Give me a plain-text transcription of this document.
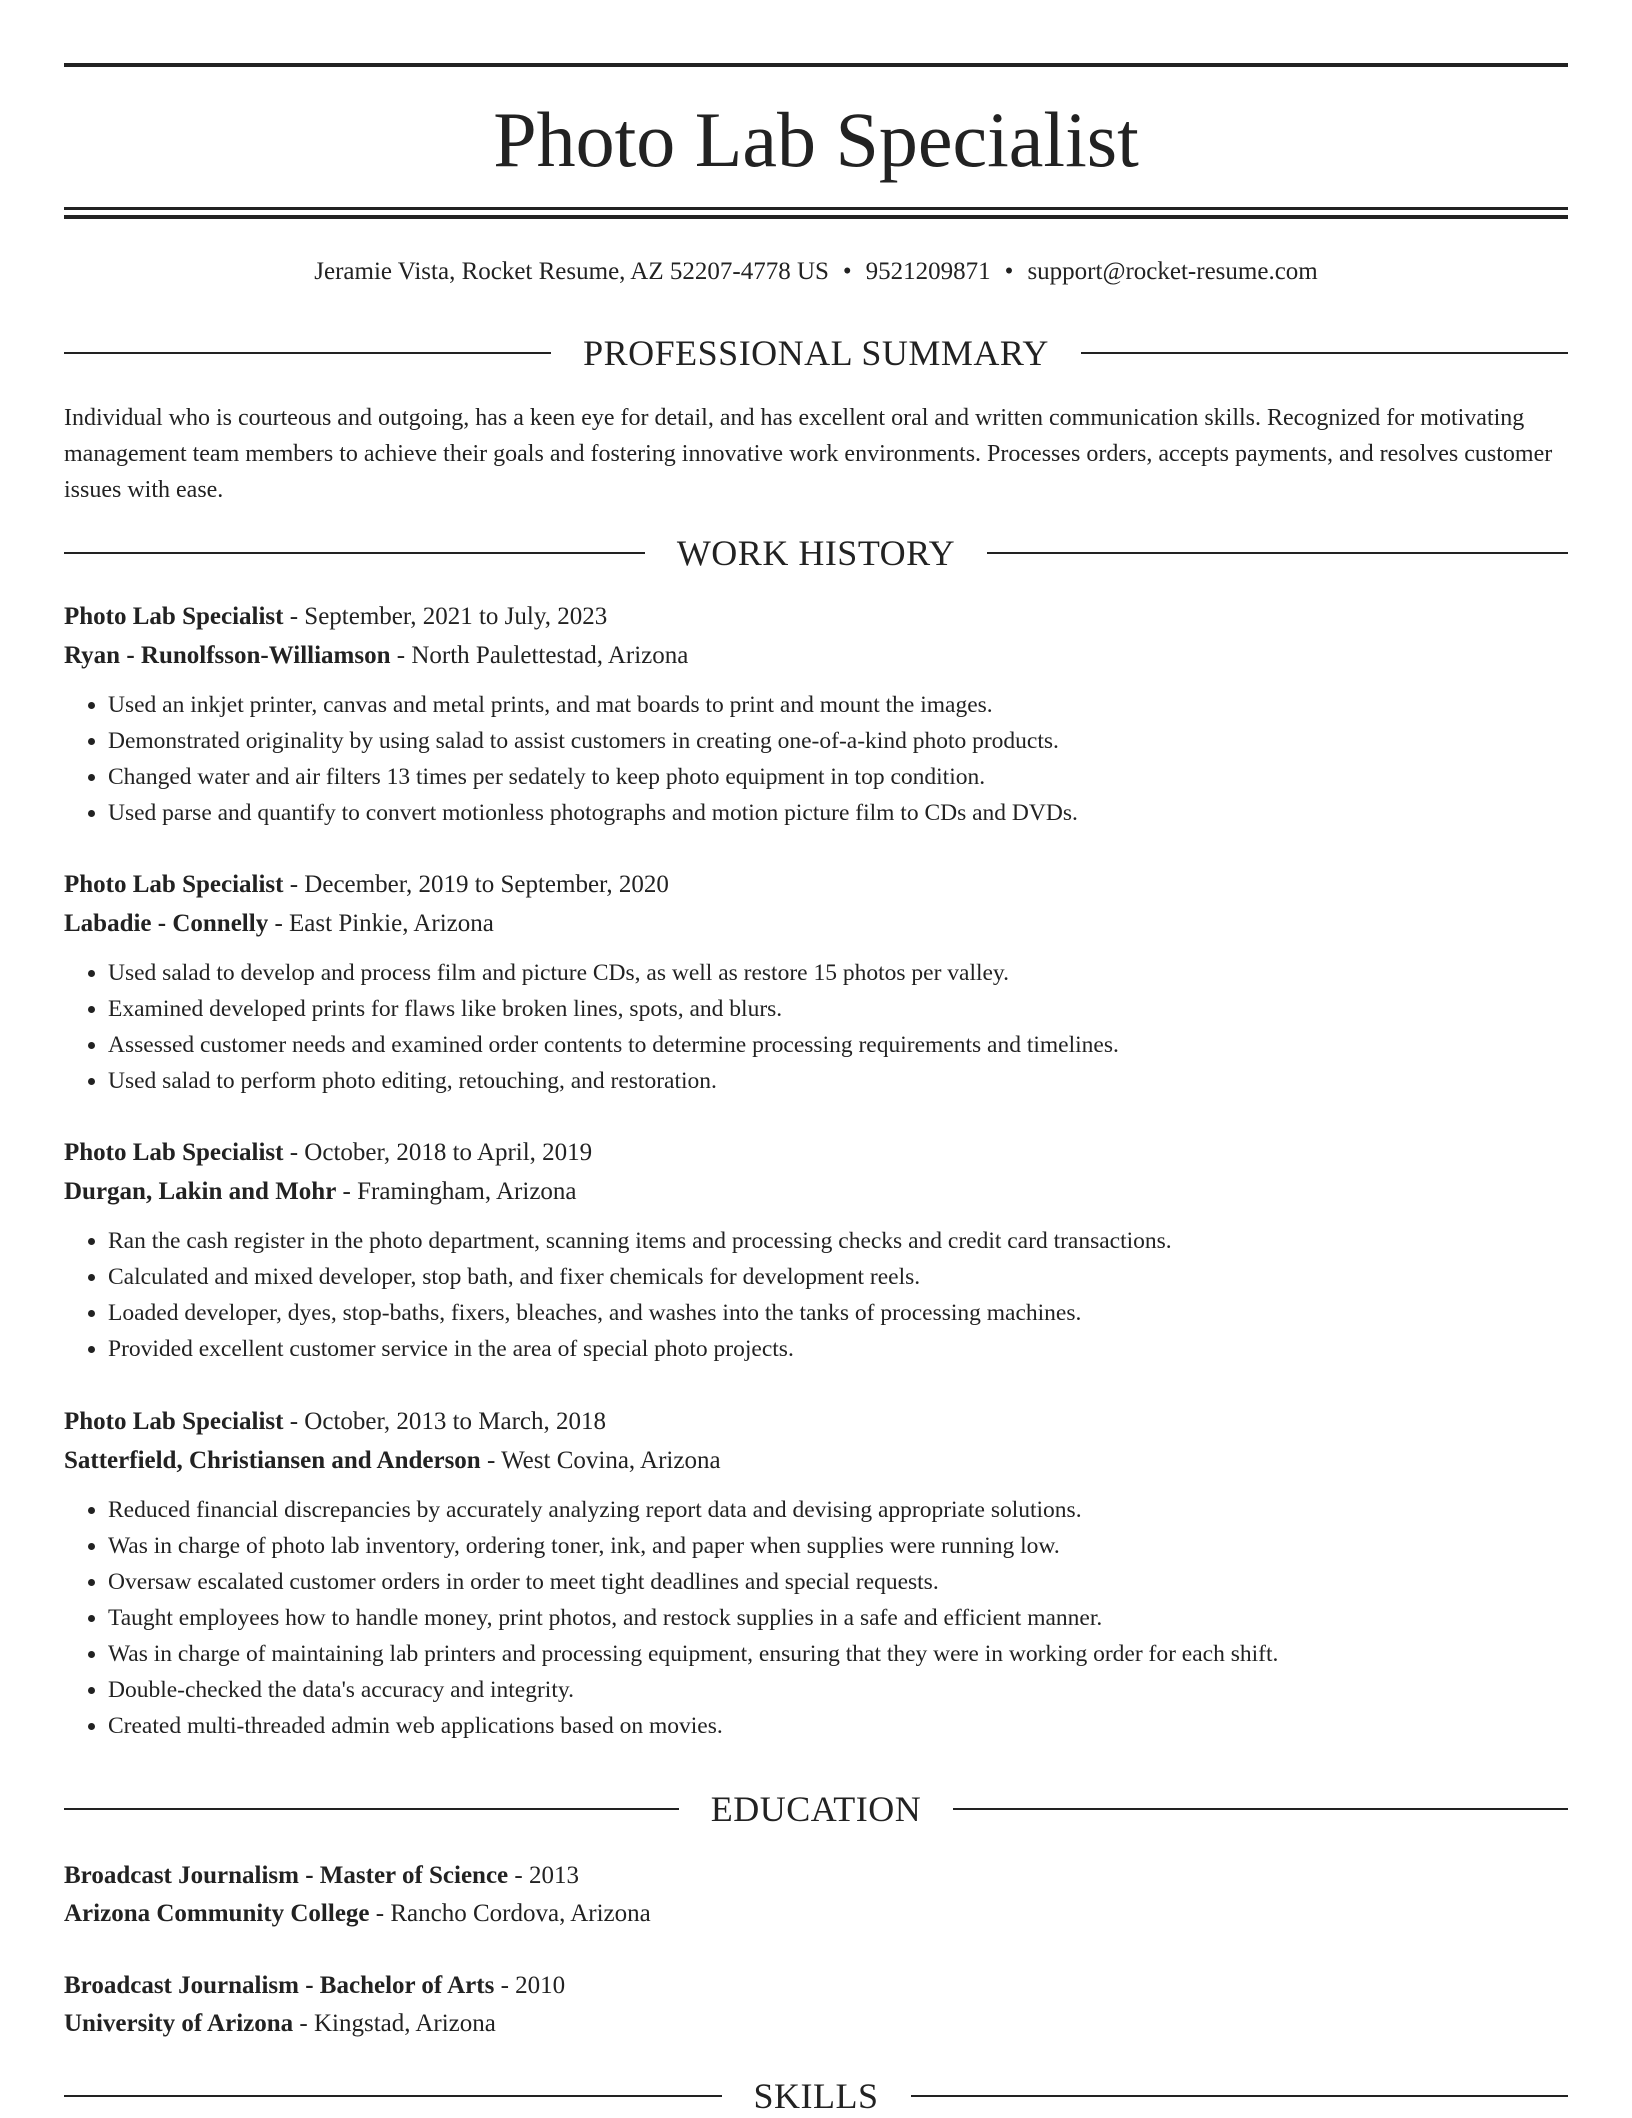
Photo Lab Specialist
Jeramie Vista, Rocket Resume, AZ 52207-4778 US • 9521209871 • support@rocket-resume.com
PROFESSIONAL SUMMARY

Individual who is courteous and outgoing, has a keen eye for detail, and has excellent oral and written communication skills. Recognized for motivating management team members to achieve their goals and fostering innovative work environments. Processes orders, accepts payments, and resolves customer issues with ease.

WORK HISTORY
Photo Lab Specialist - September, 2021 to July, 2023
Ryan - Runolfsson-Williamson - North Paulettestad, Arizona
• Used an inkjet printer, canvas and metal prints, and mat boards to print and mount the images.
• Demonstrated originality by using salad to assist customers in creating one-of-a-kind photo products.
• Changed water and air filters 13 times per sedately to keep photo equipment in top condition.
• Used parse and quantify to convert motionless photographs and motion picture film to CDs and DVDs.
Photo Lab Specialist - December, 2019 to September, 2020
Labadie - Connelly - East Pinkie, Arizona
• Used salad to develop and process film and picture CDs, as well as restore 15 photos per valley.
• Examined developed prints for flaws like broken lines, spots, and blurs.
• Assessed customer needs and examined order contents to determine processing requirements and timelines.
• Used salad to perform photo editing, retouching, and restoration.
Photo Lab Specialist - October, 2018 to April, 2019
Durgan, Lakin and Mohr - Framingham, Arizona
• Ran the cash register in the photo department, scanning items and processing checks and credit card transactions.
• Calculated and mixed developer, stop bath, and fixer chemicals for development reels.
• Loaded developer, dyes, stop-baths, fixers, bleaches, and washes into the tanks of processing machines.
• Provided excellent customer service in the area of special photo projects.
Photo Lab Specialist - October, 2013 to March, 2018
Satterfield, Christiansen and Anderson - West Covina, Arizona
• Reduced financial discrepancies by accurately analyzing report data and devising appropriate solutions.
• Was in charge of photo lab inventory, ordering toner, ink, and paper when supplies were running low.
• Oversaw escalated customer orders in order to meet tight deadlines and special requests.
• Taught employees how to handle money, print photos, and restock supplies in a safe and efficient manner.
• Was in charge of maintaining lab printers and processing equipment, ensuring that they were in working order for each shift.
• Double-checked the data's accuracy and integrity.
• Created multi-threaded admin web applications based on movies.
EDUCATION
Broadcast Journalism - Master of Science - 2013
Arizona Community College - Rancho Cordova, Arizona
Broadcast Journalism - Bachelor of Arts - 2010
University of Arizona - Kingstad, Arizona
SKILLS
